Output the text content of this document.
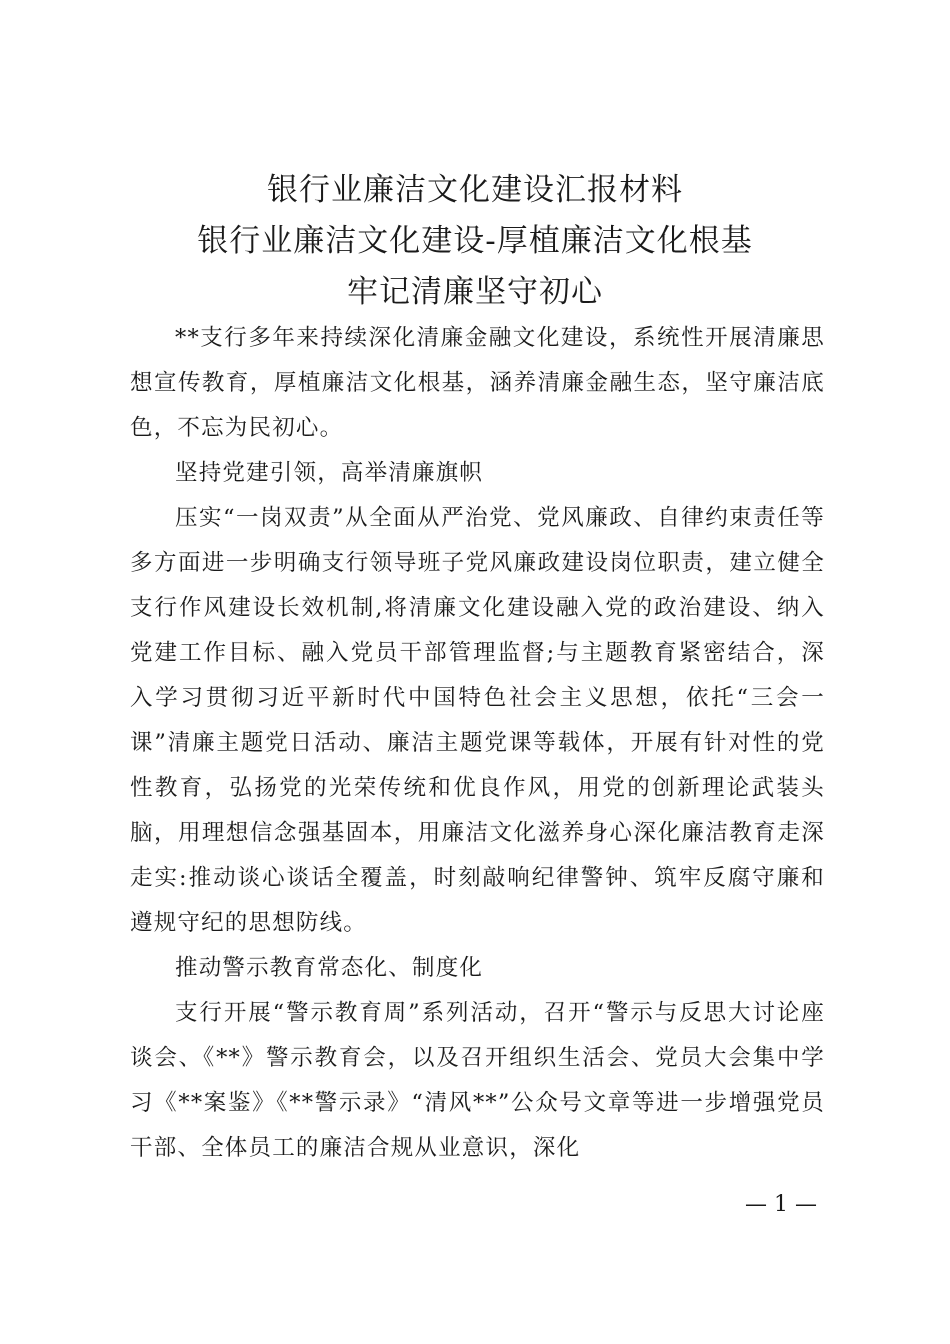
银行业廉洁文化建设汇报材料
银行业廉洁文化建设-厚植廉洁文化根基
牢记清廉坚守初心

**支行多年来持续深化清廉金融文化建设，系统性开展清廉思想宣传教育，厚植廉洁文化根基，涵养清廉金融生态，坚守廉洁底色，不忘为民初心。

坚持党建引领，高举清廉旗帜

压实“一岗双责”从全面从严治党、党风廉政、自律约束责任等多方面进一步明确支行领导班子党风廉政建设岗位职责，建立健全支行作风建设长效机制,将清廉文化建设融入党的政治建设、纳入党建工作目标、融入党员干部管理监督;与主题教育紧密结合，深入学习贯彻习近平新时代中国特色社会主义思想，依托“三会一课”清廉主题党日活动、廉洁主题党课等载体，开展有针对性的党性教育，弘扬党的光荣传统和优良作风，用党的创新理论武装头脑，用理想信念强基固本，用廉洁文化滋养身心深化廉洁教育走深走实:推动谈心谈话全覆盖，时刻敲响纪律警钟、筑牢反腐守廉和遵规守纪的思想防线。

推动警示教育常态化、制度化

支行开展“警示教育周”系列活动，召开“警示与反思大讨论座谈会、《**》警示教育会，以及召开组织生活会、党员大会集中学习《**案鉴》《**警示录》“清风**”公众号文章等进一步增强党员干部、全体员工的廉洁合规从业意识，深化

— 1 —
